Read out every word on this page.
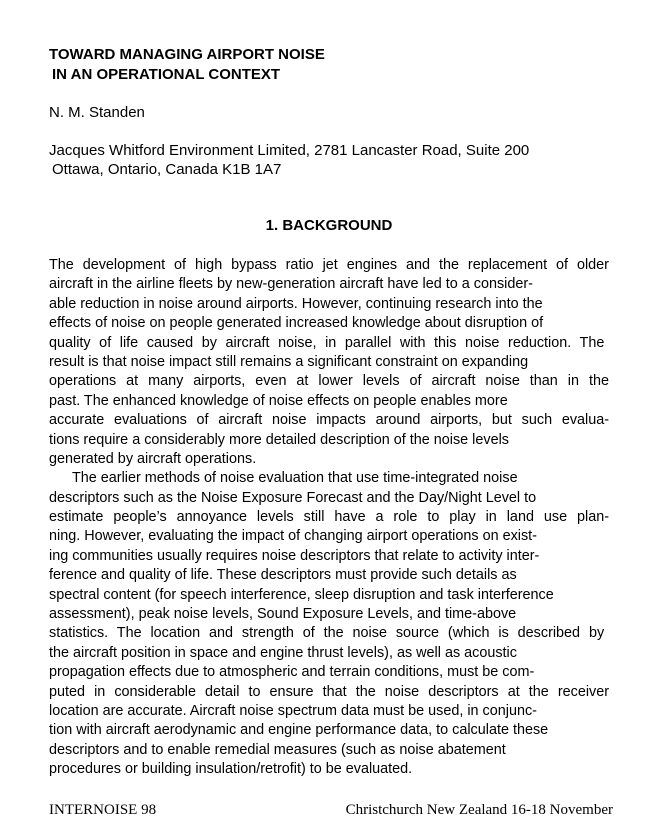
TOWARD MANAGING AIRPORT NOISE
IN AN OPERATIONAL CONTEXT

N. M. Standen

Jacques Whitford Environment Limited, 2781 Lancaster Road, Suite 200
Ottawa, Ontario, Canada K1B 1A7
1. BACKGROUND
The development of high bypass ratio jet engines and the replacement of older
aircraft in the airline fleets by new-generation aircraft have led to a consider-
able reduction in noise around airports. However, continuing research into the
effects of noise on people generated increased knowledge about disruption of
quality of life caused by aircraft noise, in parallel with this noise reduction. The
result is that noise impact still remains a significant constraint on expanding
operations at many airports, even at lower levels of aircraft noise than in the
past. The enhanced knowledge of noise effects on people enables more
accurate evaluations of aircraft noise impacts around airports, but such evalua-
tions require a considerably more detailed description of the noise levels
generated by aircraft operations.
The earlier methods of noise evaluation that use time-integrated noise
descriptors such as the Noise Exposure Forecast and the Day/Night Level to
estimate people’s annoyance levels still have a role to play in land use plan-
ning. However, evaluating the impact of changing airport operations on exist-
ing communities usually requires noise descriptors that relate to activity inter-
ference and quality of life. These descriptors must provide such details as
spectral content (for speech interference, sleep disruption and task interference
assessment), peak noise levels, Sound Exposure Levels, and time-above
statistics. The location and strength of the noise source (which is described by
the aircraft position in space and engine thrust levels), as well as acoustic
propagation effects due to atmospheric and terrain conditions, must be com-
puted in considerable detail to ensure that the noise descriptors at the receiver
location are accurate. Aircraft noise spectrum data must be used, in conjunc-
tion with aircraft aerodynamic and engine performance data, to calculate these
descriptors and to enable remedial measures (such as noise abatement
procedures or building insulation/retrofit) to be evaluated.
INTERNOISE 98	Christchurch New Zealand 16-18 November
